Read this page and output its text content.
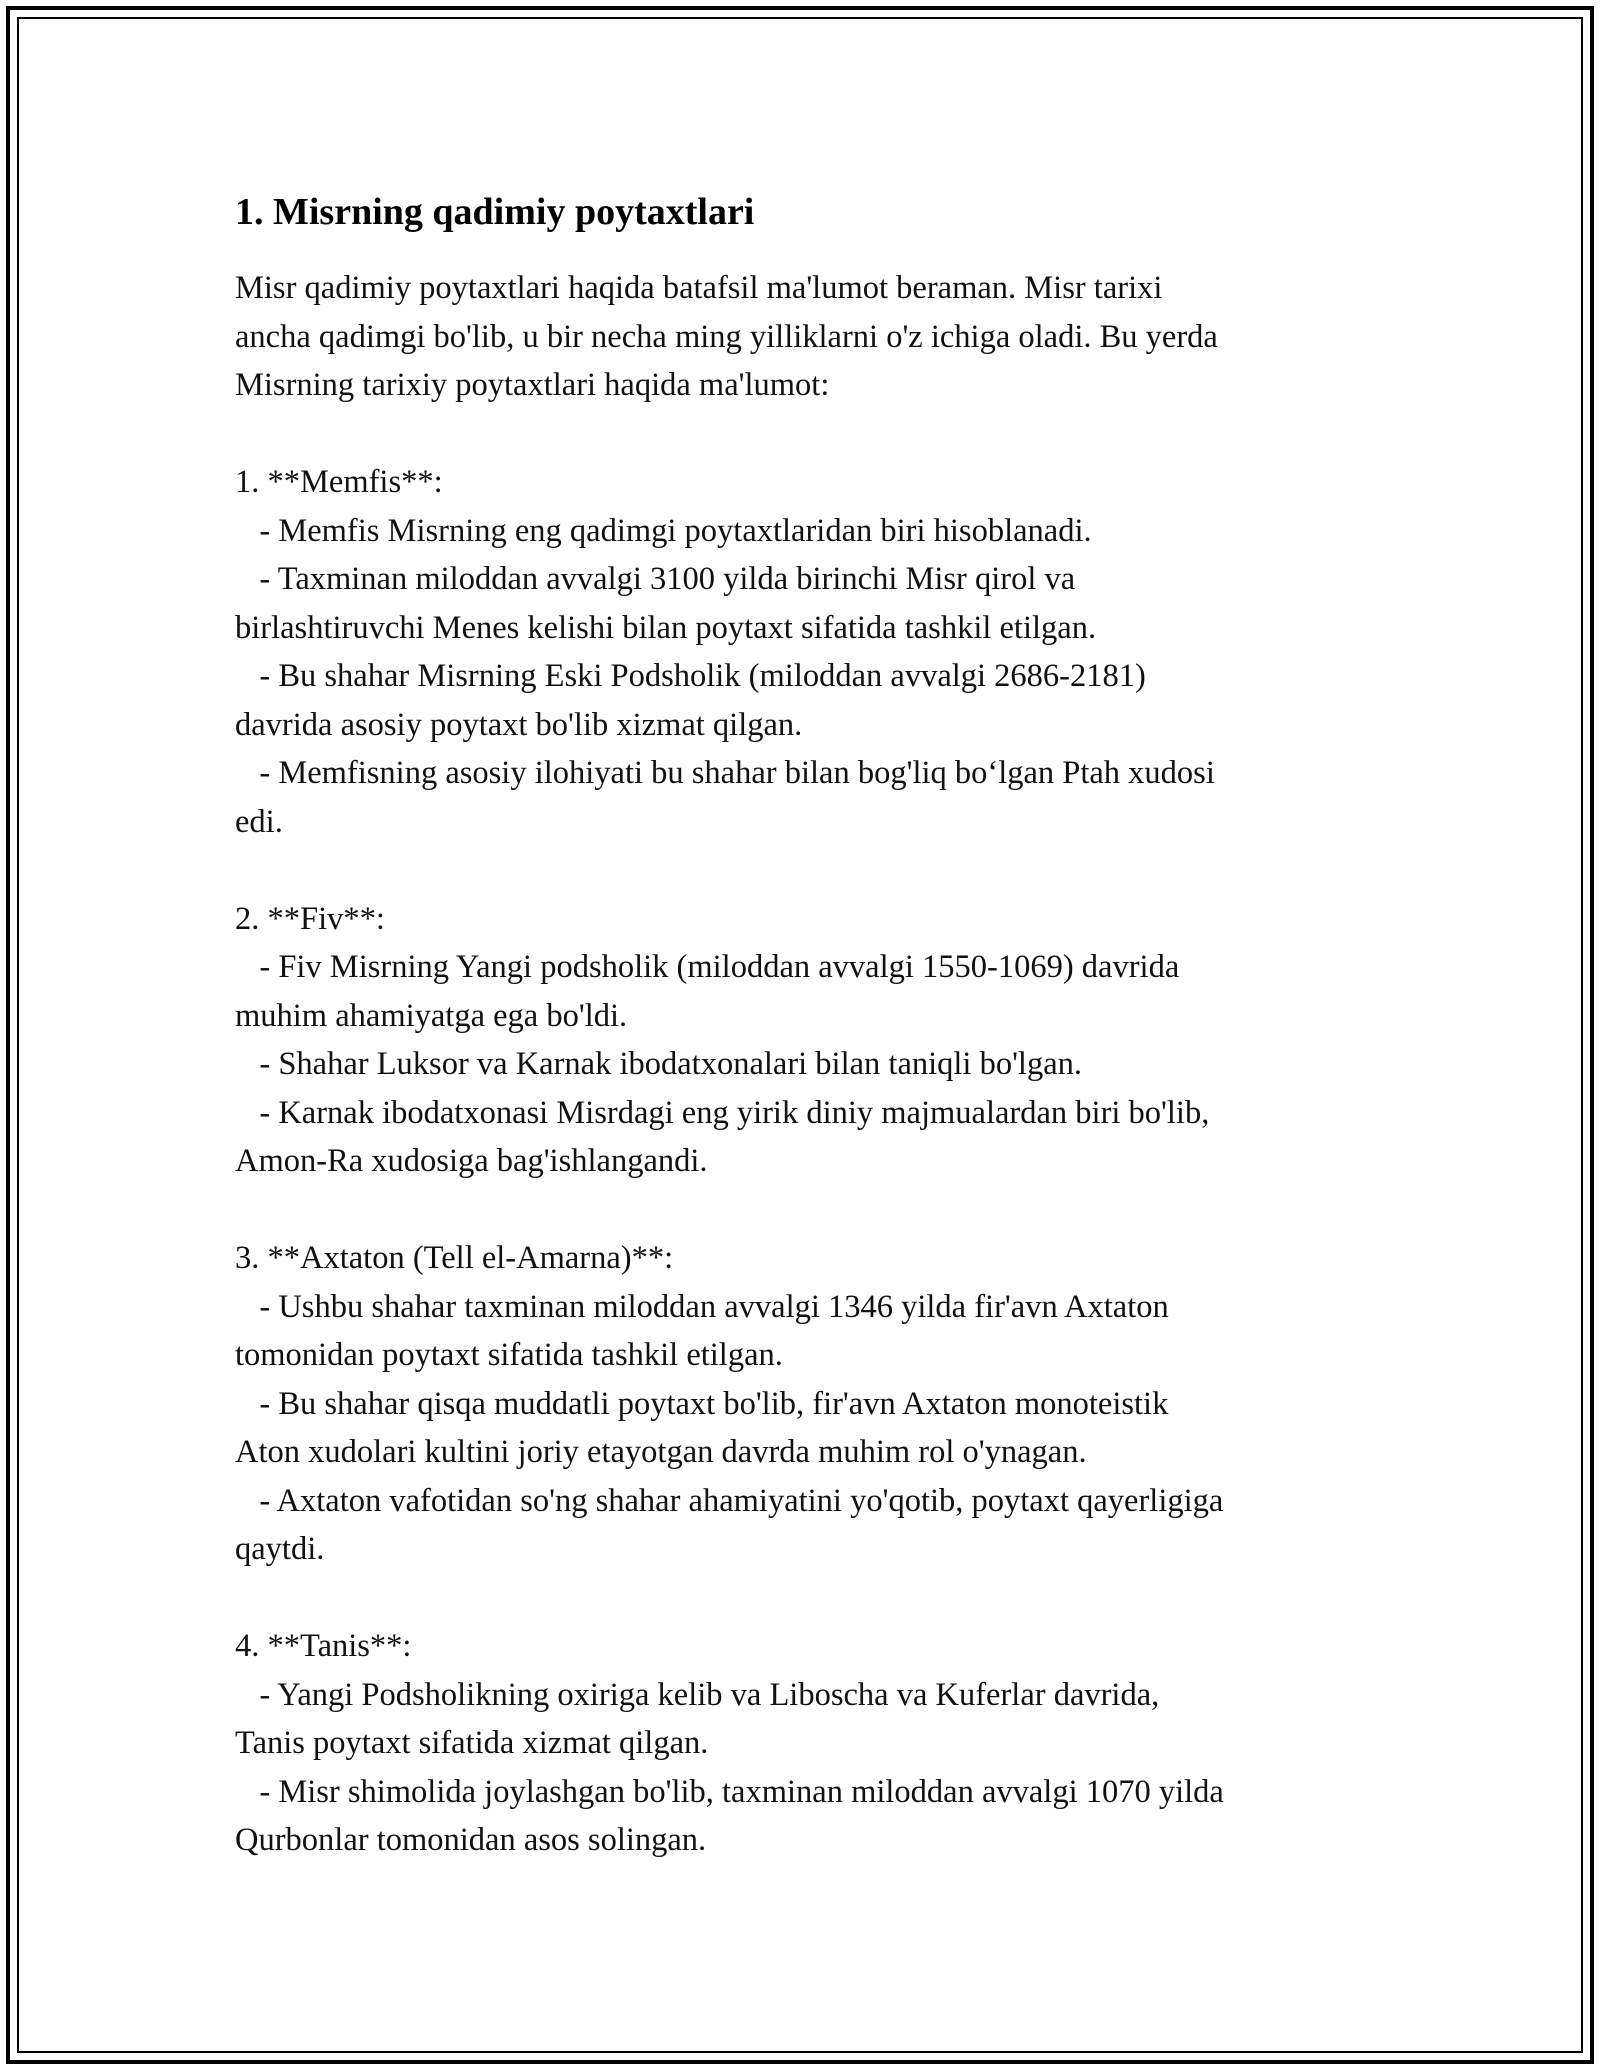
1. Misrning qadimiy poytaxtlari
Misr qadimiy poytaxtlari haqida batafsil ma'lumot beraman. Misr tarixi
ancha qadimgi bo'lib, u bir necha ming yilliklarni o'z ichiga oladi. Bu yerda
Misrning tarixiy poytaxtlari haqida ma'lumot:
1. **Memfis**:
- Memfis Misrning eng qadimgi poytaxtlaridan biri hisoblanadi.
- Taxminan miloddan avvalgi 3100 yilda birinchi Misr qirol va
birlashtiruvchi Menes kelishi bilan poytaxt sifatida tashkil etilgan.
- Bu shahar Misrning Eski Podsholik (miloddan avvalgi 2686-2181)
davrida asosiy poytaxt bo'lib xizmat qilgan.
- Memfisning asosiy ilohiyati bu shahar bilan bog'liq bo‘lgan Ptah xudosi
edi.
2. **Fiv**:
- Fiv Misrning Yangi podsholik (miloddan avvalgi 1550-1069) davrida
muhim ahamiyatga ega bo'ldi.
- Shahar Luksor va Karnak ibodatxonalari bilan taniqli bo'lgan.
- Karnak ibodatxonasi Misrdagi eng yirik diniy majmualardan biri bo'lib,
Amon-Ra xudosiga bag'ishlangandi.
3. **Axtaton (Tell el-Amarna)**:
- Ushbu shahar taxminan miloddan avvalgi 1346 yilda fir'avn Axtaton
tomonidan poytaxt sifatida tashkil etilgan.
- Bu shahar qisqa muddatli poytaxt bo'lib, fir'avn Axtaton monoteistik
Aton xudolari kultini joriy etayotgan davrda muhim rol o'ynagan.
- Axtaton vafotidan so'ng shahar ahamiyatini yo'qotib, poytaxt qayerligiga
qaytdi.
4. **Tanis**:
- Yangi Podsholikning oxiriga kelib va Liboscha va Kuferlar davrida,
Tanis poytaxt sifatida xizmat qilgan.
- Misr shimolida joylashgan bo'lib, taxminan miloddan avvalgi 1070 yilda
Qurbonlar tomonidan asos solingan.
